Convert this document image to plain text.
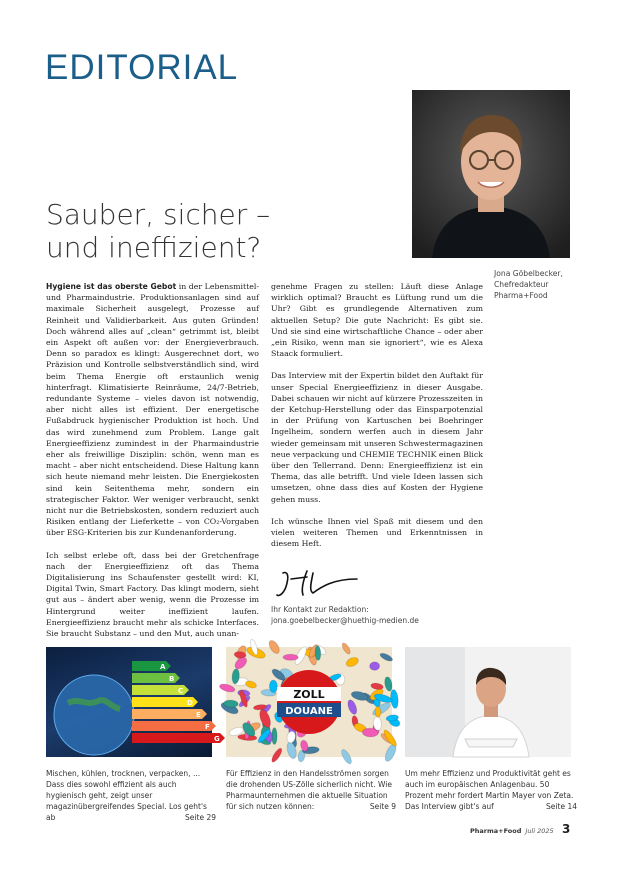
EDITORIAL
Jona Göbelbecker,
Chefredakteur
Pharma+Food
Sauber, sicher –
und ineffizient?

Hygiene ist das oberste Gebot in der Lebensmittel- und Pharmaindustrie. Produktionsanlagen sind auf maximale Sicherheit ausgelegt, Prozesse auf Reinheit und Validierbarkeit. Aus guten Gründen! Doch während alles auf „clean“ getrimmt ist, bleibt ein Aspekt oft außen vor: der Energieverbrauch. Denn so paradox es klingt: Ausgerechnet dort, wo Präzision und Kontrolle selbstverständlich sind, wird beim Thema Energie oft erstaunlich wenig hinterfragt. Klimatisierte Reinräume, 24/7-Betrieb, redundante Systeme – vieles davon ist notwendig, aber nicht alles ist effizient. Der energetische Fußabdruck hygienischer Produktion ist hoch. Und das wird zunehmend zum Problem. Lange galt Energieeffizienz zumindest in der Pharmaindustrie eher als freiwillige Disziplin: schön, wenn man es macht – aber nicht entscheidend. Diese Haltung kann sich heute niemand mehr leisten. Die Energiekosten sind kein Seitenthema mehr, sondern ein strategischer Faktor. Wer weniger verbraucht, senkt nicht nur die Betriebskosten, sondern reduziert auch Risiken entlang der Lieferkette – von CO₂-Vorgaben über ESG-Kriterien bis zur Kundenanforderung.

Ich selbst erlebe oft, dass bei der Gretchenfrage nach der Energieeffizienz oft das Thema Digitalisierung ins Schaufenster gestellt wird: KI, Digital Twin, Smart Factory. Das klingt modern, sieht gut aus – ändert aber wenig, wenn die Prozesse im Hintergrund weiter ineffizient laufen. Energieeffizienz braucht mehr als schicke Interfaces. Sie braucht Substanz – und den Mut, auch unan-

genehme Fragen zu stellen: Läuft diese Anlage wirklich optimal? Braucht es Lüftung rund um die Uhr? Gibt es grundlegende Alternativen zum aktuellen Setup? Die gute Nachricht: Es gibt sie. Und sie sind eine wirtschaftliche Chance – oder aber „ein Risiko, wenn man sie ignoriert“, wie es Alexa Staack formuliert.

Das Interview mit der Expertin bildet den Auftakt für unser Special Energieeffizienz in dieser Ausgabe. Dabei schauen wir nicht auf kürzere Prozesszeiten in der Ketchup-Herstellung oder das Einsparpotenzial in der Prüfung von Kartuschen bei Boehringer Ingelheim, sondern werfen auch in diesem Jahr wieder gemeinsam mit unseren Schwestermagazinen neue verpackung und CHEMIE TECHNIK einen Blick über den Tellerrand. Denn: Energieeffizienz ist ein Thema, das alle betrifft. Und viele Ideen lassen sich umsetzen, ohne dass dies auf Kosten der Hygiene gehen muss.

Ich wünsche Ihnen viel Spaß mit diesem und den vielen weiteren Themen und Erkenntnissen in diesem Heft.

Ihr Kontakt zur Redaktion:
jona.goebelbecker@huethig-medien.de
A
B
C
D
E
F
G
ZOLL
DOUANE
Mischen, kühlen, trocknen, verpacken, ... Dass dies sowohl effizient als auch hygienisch geht, zeigt unser magazinübergreifendes Special. Los geht's ab	Seite 29
Für Effizienz in den Handelsströmen sorgen die drohenden US-Zölle sicherlich nicht. Wie Pharmaunternehmen die aktuelle Situation für sich nutzen können:	Seite 9
Um mehr Effizienz und Produktivität geht es auch im europäischen Anlagenbau. 50 Prozent mehr fordert Martin Mayer von Zeta. Das Interview gibt's auf	Seite 14
Pharma+Food Juli 2025 3
